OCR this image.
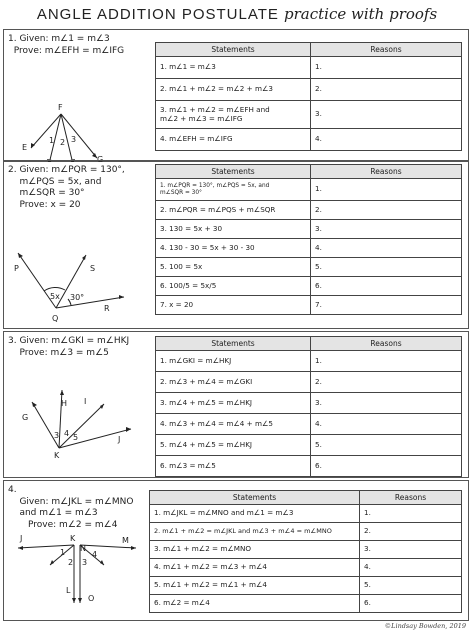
ANGLE ADDITION POSTULATE practice with proofs
1. Given: m∠1 = m∠3
Prove: m∠EFH = m∠IFG
F
E
G
1 2 3
Statements	Reasons
1. m∠1 = m∠3	1.
2. m∠1 + m∠2 = m∠2 + m∠3	2.
3. m∠1 + m∠2 = m∠EFH and
m∠2 + m∠3 = m∠IFG	3.
4. m∠EFH = m∠IFG	4.
2. Given: m∠PQR = 130°,
m∠PQS = 5x, and
m∠SQR = 30°
Prove: x = 20
P	S
Q
R
5x 30°
Statements	Reasons
1. m∠PQR = 130°, m∠PQS = 5x, and
m∠SQR = 30°	1.
2. m∠PQR = m∠PQS + m∠SQR	2.
3. 130 = 5x + 30	3.
4. 130 - 30 = 5x + 30 - 30	4.
5. 100 = 5x	5.
6. 100/5 = 5x/5	6.
7. x = 20	7.
3. Given: m∠GKI = m∠HKJ
Prove: m∠3 = m∠5
G
H I
J
K
3 4 5
Statements	Reasons
1. m∠GKI = m∠HKJ	1.
2. m∠3 + m∠4 = m∠GKI	2.
3. m∠4 + m∠5 = m∠HKJ	3.
4. m∠3 + m∠4 = m∠4 + m∠5	4.
5. m∠4 + m∠5 = m∠HKJ	5.
6. m∠3 = m∠5	6.
4.
Given: m∠JKL = m∠MNO
and m∠1 = m∠3
Prove: m∠2 = m∠4
J	K
N
M
L
O
1
2 3
4
Statements	Reasons
1. m∠JKL = m∠MNO and m∠1 = m∠3	1.
2. m∠1 + m∠2 = m∠JKL and m∠3 + m∠4 = m∠MNO	2.
3. m∠1 + m∠2 = m∠MNO	3.
4. m∠1 + m∠2 = m∠3 + m∠4	4.
5. m∠1 + m∠2 = m∠1 + m∠4	5.
6. m∠2 = m∠4	6.
©Lindsay Bowden, 2019
